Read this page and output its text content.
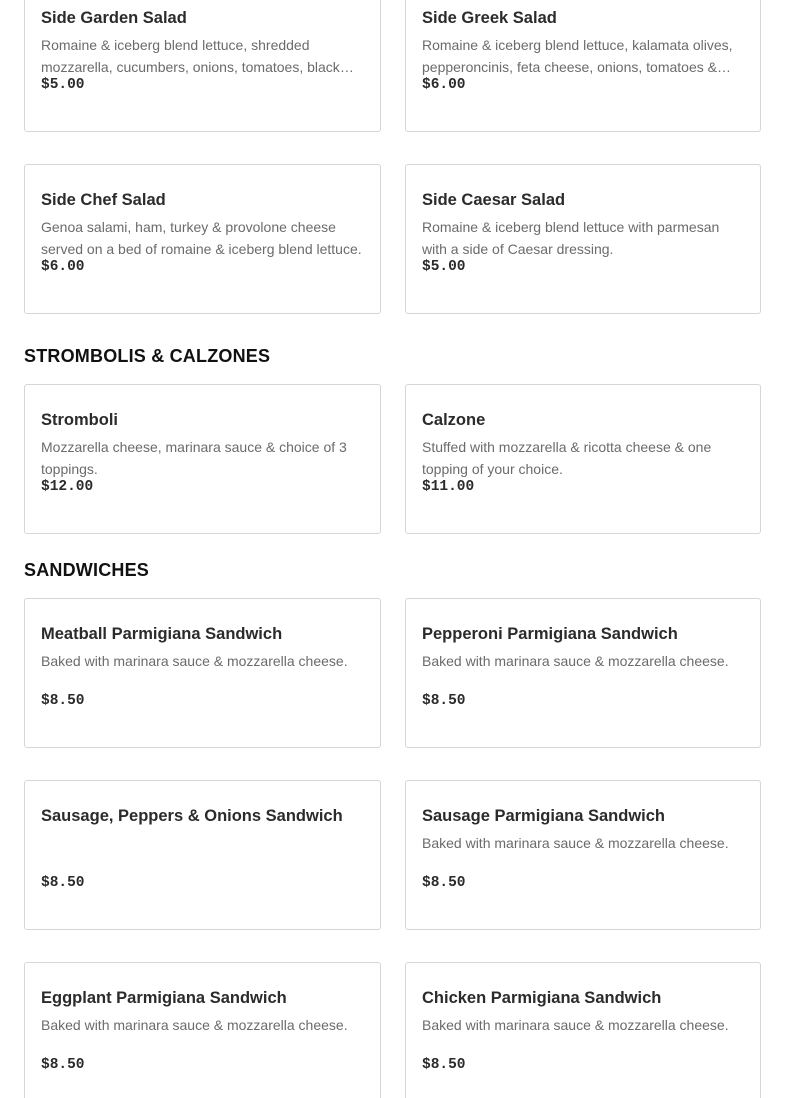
Side Garden Salad
Romaine & iceberg blend lettuce, shredded mozzarella, cucumbers, onions, tomatoes, black
$5.00
Side Greek Salad
Romaine & iceberg blend lettuce, kalamata olives, pepperoncinis, feta cheese, onions, tomatoes &
$6.00
Side Chef Salad
Genoa salami, ham, turkey & provolone cheese served on a bed of romaine & iceberg blend lettuce.
$6.00
Side Caesar Salad
Romaine & iceberg blend lettuce with parmesan with a side of Caesar dressing.
$5.00
STROMBOLIS & CALZONES
Stromboli
Mozzarella cheese, marinara sauce & choice of 3 toppings.
$12.00
Calzone
Stuffed with mozzarella & ricotta cheese & one topping of your choice.
$11.00
SANDWICHES
Meatball Parmigiana Sandwich
Baked with marinara sauce & mozzarella cheese.
$8.50
Pepperoni Parmigiana Sandwich
Baked with marinara sauce & mozzarella cheese.
$8.50
Sausage, Peppers & Onions Sandwich
$8.50
Sausage Parmigiana Sandwich
Baked with marinara sauce & mozzarella cheese.
$8.50
Eggplant Parmigiana Sandwich
Baked with marinara sauce & mozzarella cheese.
$8.50
Chicken Parmigiana Sandwich
Baked with marinara sauce & mozzarella cheese.
$8.50
